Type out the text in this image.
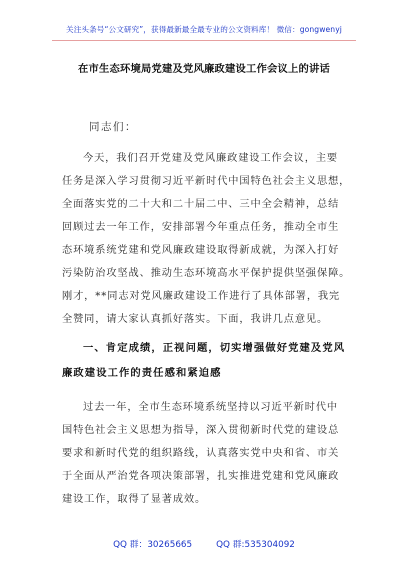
关注头条号“公文研究”，获得最新最全最专业的公文资料库！ 微信：gongwenyj
在市生态环境局党建及党风廉政建设工作会议上的讲话
同志们：
今天，我们召开党建及党风廉政建设工作会议，主要
任务是深入学习贯彻习近平新时代中国特色社会主义思想，
全面落实党的二十大和二十届二中、三中全会精神，总结
回顾过去一年工作，安排部署今年重点任务，推动全市生
态环境系统党建和党风廉政建设取得新成就，为深入打好
污染防治攻坚战、推动生态环境高水平保护提供坚强保障。
刚才，**同志对党风廉政建设工作进行了具体部署，我完
全赞同，请大家认真抓好落实。下面，我讲几点意见。
一、肯定成绩，正视问题，切实增强做好党建及党风
廉政建设工作的责任感和紧迫感
过去一年，全市生态环境系统坚持以习近平新时代中
国特色社会主义思想为指导，深入贯彻新时代党的建设总
要求和新时代党的组织路线，认真落实党中央和省、市关
于全面从严治党各项决策部署，扎实推进党建和党风廉政
建设工作，取得了显著成效。
QQ 群：30265665	QQ 群:535304092
